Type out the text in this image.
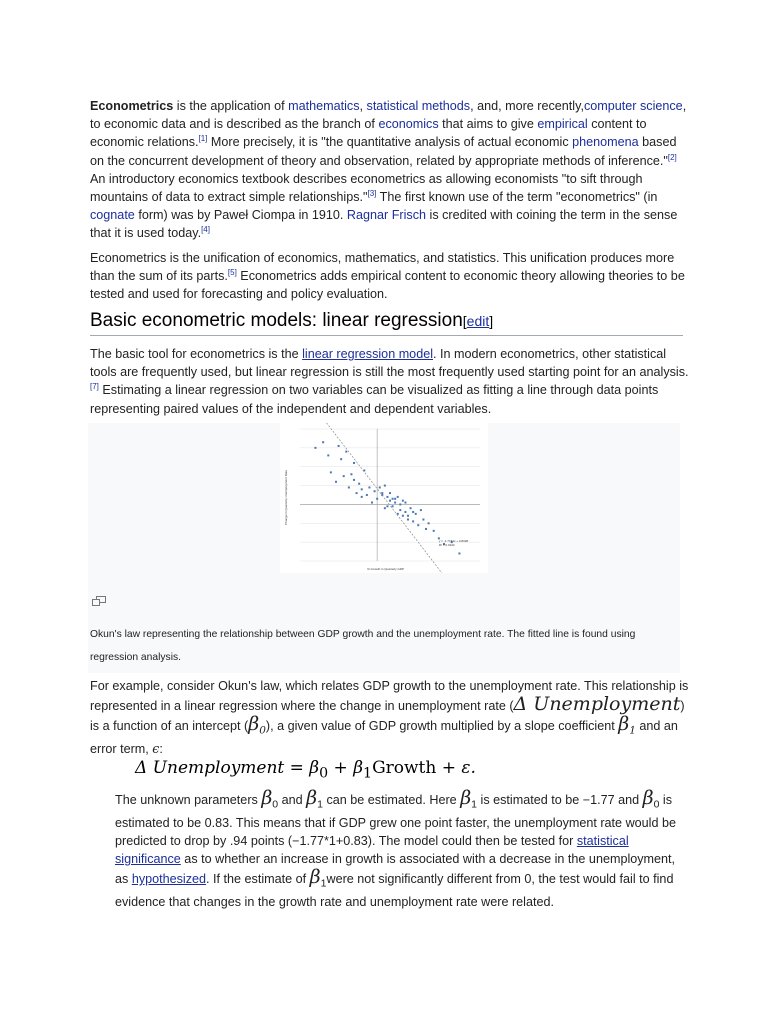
Econometrics is the application of mathematics, statistical methods, and, more recently,computer science, to economic data and is described as the branch of economics that aims to give empirical content to economic relations.[1] More precisely, it is "the quantitative analysis of actual economic phenomena based on the concurrent development of theory and observation, related by appropriate methods of inference."[2] An introductory economics textbook describes econometrics as allowing economists "to sift through mountains of data to extract simple relationships."[3] The first known use of the term "econometrics" (in cognate form) was by Paweł Ciompa in 1910. Ragnar Frisch is credited with coining the term in the sense that it is used today.[4]

Econometrics is the unification of economics, mathematics, and statistics. This unification produces more than the sum of its parts.[5] Econometrics adds empirical content to economic theory allowing theories to be tested and used for forecasting and policy evaluation.

Basic econometric models: linear regression[edit]

The basic tool for econometrics is the linear regression model. In modern econometrics, other statistical tools are frequently used, but linear regression is still the most frequently used starting point for an analysis.[7] Estimating a linear regression on two variables can be visualized as fitting a line through data points representing paired values of the independent and dependent variables.

Change in Quarterly Unemployment Rate
% Growth in Quarterly GDP
y = -1.7744x + 0.8328
R² = 0.3244
Okun's law representing the relationship between GDP growth and the unemployment rate. The fitted line is found using regression analysis.

For example, consider Okun's law, which relates GDP growth to the unemployment rate. This relationship is represented in a linear regression where the change in unemployment rate (Δ Unemployment) is a function of an intercept $(\beta_0)$, a given value of GDP growth multiplied by a slope coefficient $\beta_1$ and an error term, ϵ:

Δ Unemployment = $\beta_0$ + $\beta_1Growth + \varepsilon$.

The unknown parameters $\beta_0$ and $\beta_1$ can be estimated. Here $\beta_1$ is estimated to be −1.77 and $\beta_0$ is estimated to be 0.83. This means that if GDP grew one point faster, the unemployment rate would be predicted to drop by .94 points (−1.77*1+0.83). The model could then be tested for statistical significance as to whether an increase in growth is associated with a decrease in the unemployment, as hypothesized. If the estimate of $\beta_1were$ not significantly different from 0, the test would fail to find evidence that changes in the growth rate and unemployment rate were related.
